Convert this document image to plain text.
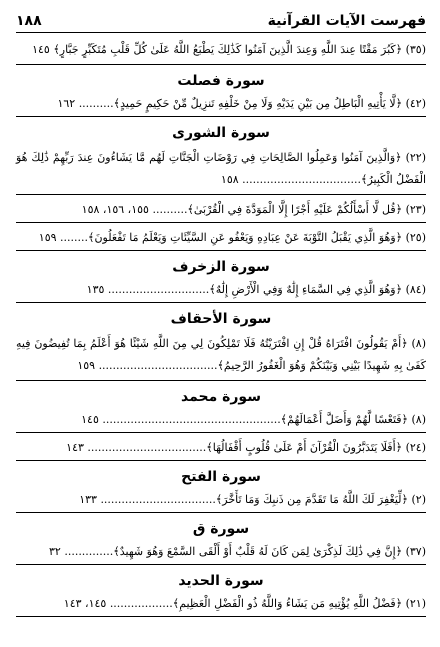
فهرست الآيات القرآنية
١٨٨
(٣٥) ﴿كَبُرَ مَقْتًا عِندَ اللَّهِ وَعِندَ الَّذِينَ آمَنُوا كَذَٰلِكَ يَطْبَعُ اللَّهُ عَلَىٰ كُلِّ قَلْبِ مُتَكَبِّرٍ جَبَّارٍ﴾ ١٤٥
سورة فصلت
(٤٢) ﴿لَّا يَأْتِيهِ الْبَاطِلُ مِن بَيْنِ يَدَيْهِ وَلَا مِنْ خَلْفِهِ تَنزِيلٌ مِّنْ حَكِيمٍ حَمِيدٍ﴾.......... ١٦٢
سورة الشورى
(٢٢) ﴿وَالَّذِينَ آمَنُوا وَعَمِلُوا الصَّالِحَاتِ فِي رَوْضَاتِ الْجَنَّاتِ لَهُم مَّا يَشَاءُونَ عِندَ رَبِّهِمْ ذَٰلِكَ هُوَ الْفَضْلُ الْكَبِيرُ﴾.................................. ١٥٨
(٢٣) ﴿قُل لَّا أَسْأَلُكُمْ عَلَيْهِ أَجْرًا إِلَّا الْمَوَدَّةَ فِي الْقُرْبَىٰ﴾.......... ١٥٥، ١٥٦، ١٥٨
(٢٥) ﴿وَهُوَ الَّذِي يَقْبَلُ التَّوْبَةَ عَنْ عِبَادِهِ وَيَعْفُو عَنِ السَّيِّئَاتِ وَيَعْلَمُ مَا تَفْعَلُونَ﴾........ ١٥٩
سورة الزخرف
(٨٤) ﴿وَهُوَ الَّذِي فِي السَّمَاءِ إِلَٰهٌ وَفِي الْأَرْضِ إِلَٰهٌ﴾............................. ١٣٥
سورة الأحقاف
(٨) ﴿أَمْ يَقُولُونَ افْتَرَاهُ قُلْ إِنِ افْتَرَيْتُهُ فَلَا تَمْلِكُونَ لِي مِنَ اللَّهِ شَيْئًا هُوَ أَعْلَمُ بِمَا تُفِيضُونَ فِيهِ كَفَىٰ بِهِ شَهِيدًا بَيْنِي وَبَيْنَكُمْ وَهُوَ الْغَفُورُ الرَّحِيمُ﴾.................................. ١٥٩
سورة محمد
(٨) ﴿فَتَعْسًا لَّهُمْ وَأَضَلَّ أَعْمَالَهُمْ﴾................................................... ١٤٥
(٢٤) ﴿أَفَلَا يَتَدَبَّرُونَ الْقُرْآنَ أَمْ عَلَىٰ قُلُوبٍ أَقْفَالُهَا﴾.................................. ١٤٣
سورة الفتح
(٢) ﴿لِّيَغْفِرَ لَكَ اللَّهُ مَا تَقَدَّمَ مِن ذَنبِكَ وَمَا تَأَخَّرَ﴾................................. ١٣٣
سورة ق
(٣٧) ﴿إِنَّ فِي ذَٰلِكَ لَذِكْرَىٰ لِمَن كَانَ لَهُ قَلْبٌ أَوْ أَلْقَى السَّمْعَ وَهُوَ شَهِيدٌ﴾.............. ٣٢
سورة الحديد
(٢١) ﴿فَضْلُ اللَّهِ يُؤْتِيهِ مَن يَشَاءُ وَاللَّهُ ذُو الْفَضْلِ الْعَظِيمِ﴾.................. ١٤٥، ١٤٣
